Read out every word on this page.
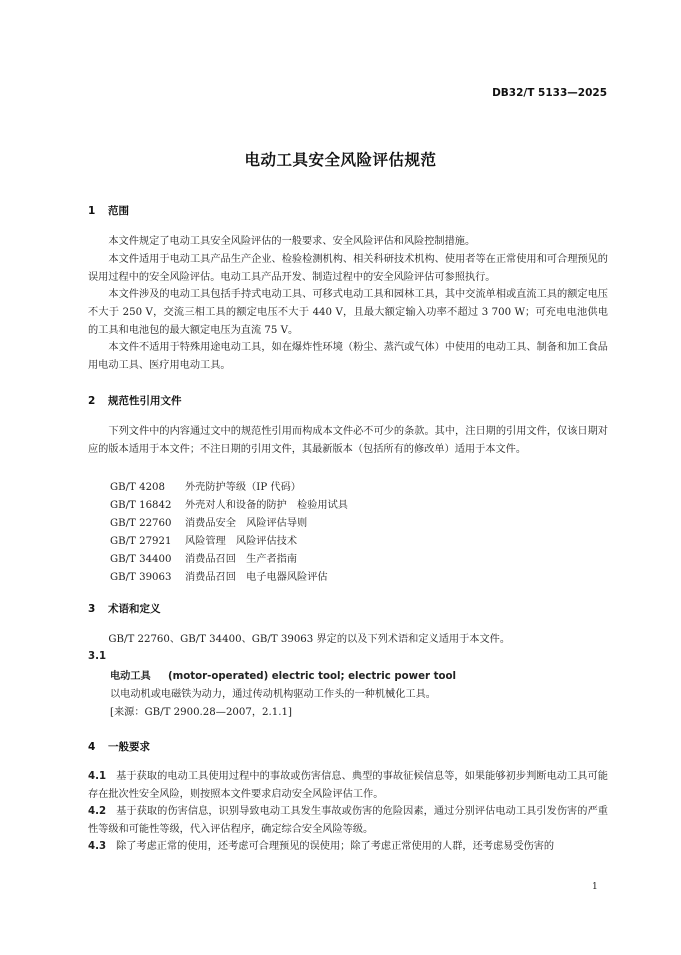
DB32/T 5133—2025
电动工具安全风险评估规范
1 范围
本文件规定了电动工具安全风险评估的一般要求、安全风险评估和风险控制措施。
本文件适用于电动工具产品生产企业、检验检测机构、相关科研技术机构、使用者等在正常使用和可合理预见的误用过程中的安全风险评估。电动工具产品开发、制造过程中的安全风险评估可参照执行。
本文件涉及的电动工具包括手持式电动工具、可移式电动工具和园林工具，其中交流单相或直流工具的额定电压不大于 250 V，交流三相工具的额定电压不大于 440 V，且最大额定输入功率不超过 3 700 W；可充电电池供电的工具和电池包的最大额定电压为直流 75 V。
本文件不适用于特殊用途电动工具，如在爆炸性环境（粉尘、蒸汽或气体）中使用的电动工具、制备和加工食品用电动工具、医疗用电动工具。
2 规范性引用文件
下列文件中的内容通过文中的规范性引用而构成本文件必不可少的条款。其中，注日期的引用文件，仅该日期对应的版本适用于本文件；不注日期的引用文件，其最新版本（包括所有的修改单）适用于本文件。
GB/T 4208 外壳防护等级（IP 代码）
GB/T 16842 外壳对人和设备的防护　检验用试具
GB/T 22760 消费品安全　风险评估导则
GB/T 27921 风险管理　风险评估技术
GB/T 34400 消费品召回　生产者指南
GB/T 39063 消费品召回　电子电器风险评估
3 术语和定义
GB/T 22760、GB/T 34400、GB/T 39063 界定的以及下列术语和定义适用于本文件。
3.1
电动工具 (motor-operated) electric tool; electric power tool
以电动机或电磁铁为动力，通过传动机构驱动工作头的一种机械化工具。
[来源：GB/T 2900.28—2007，2.1.1]
4 一般要求
4.1 基于获取的电动工具使用过程中的事故或伤害信息、典型的事故征候信息等，如果能够初步判断电动工具可能存在批次性安全风险，则按照本文件要求启动安全风险评估工作。
4.2 基于获取的伤害信息，识别导致电动工具发生事故或伤害的危险因素，通过分别评估电动工具引发伤害的严重性等级和可能性等级，代入评估程序，确定综合安全风险等级。
4.3 除了考虑正常的使用，还考虑可合理预见的误使用；除了考虑正常使用的人群，还考虑易受伤害的
1
